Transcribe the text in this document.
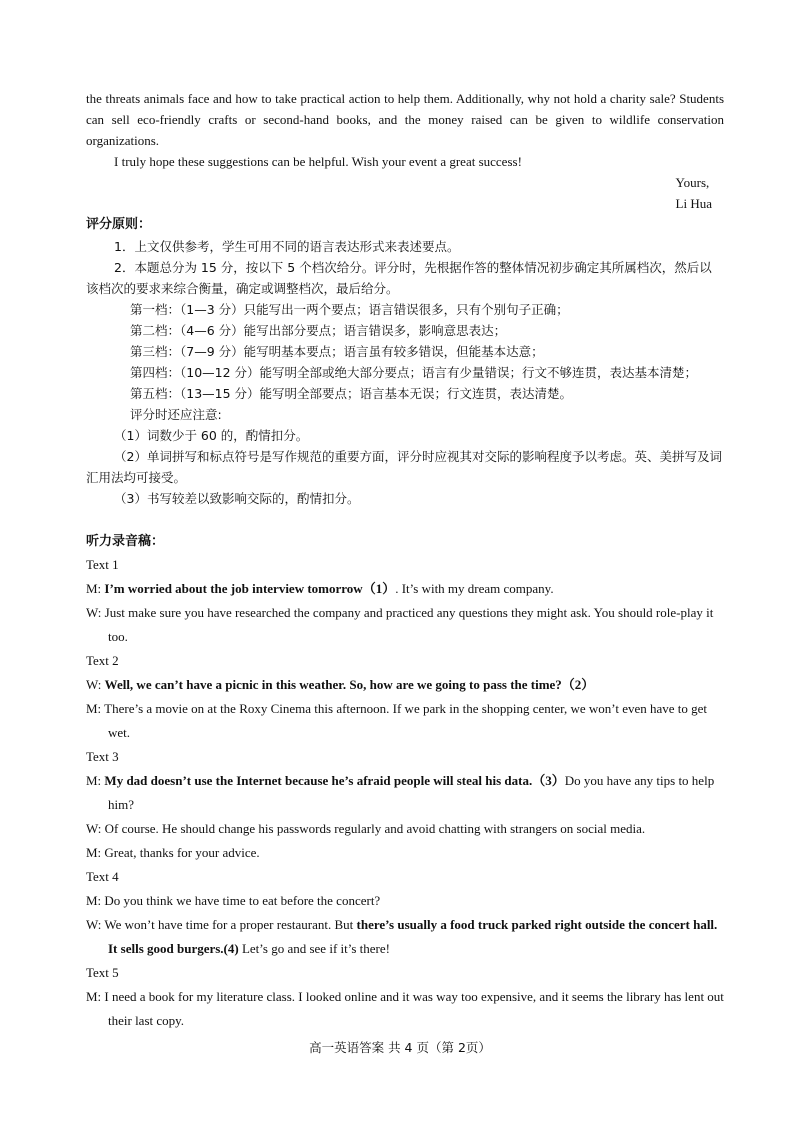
the threats animals face and how to take practical action to help them. Additionally, why not hold a charity sale? Students can sell eco-friendly crafts or second-hand books, and the money raised can be given to wildlife conservation organizations.

I truly hope these suggestions can be helpful. Wish your event a great success!

Yours,

Li Hua

评分原则：

1．上文仅供参考，学生可用不同的语言表达形式来表述要点。

2．本题总分为 15 分，按以下 5 个档次给分。评分时，先根据作答的整体情况初步确定其所属档次，然后以该档次的要求来综合衡量，确定或调整档次，最后给分。

第一档：（1—3 分）只能写出一两个要点；语言错误很多，只有个别句子正确；

第二档：（4—6 分）能写出部分要点；语言错误多，影响意思表达；

第三档：（7—9 分）能写明基本要点；语言虽有较多错误，但能基本达意；

第四档：（10—12 分）能写明全部或绝大部分要点；语言有少量错误；行文不够连贯，表达基本清楚；

第五档：（13—15 分）能写明全部要点；语言基本无误；行文连贯，表达清楚。

评分时还应注意:

（1）词数少于 60 的，酌情扣分。

（2）单词拼写和标点符号是写作规范的重要方面，评分时应视其对交际的影响程度予以考虑。英、美拼写及词汇用法均可接受。

（3）书写较差以致影响交际的，酌情扣分。

听力录音稿：

Text 1

M: I’m worried about the job interview tomorrow（1）. It’s with my dream company.

W: Just make sure you have researched the company and practiced any questions they might ask. You should role-play it too.

Text 2

W: Well, we can’t have a picnic in this weather. So, how are we going to pass the time?（2）

M: There’s a movie on at the Roxy Cinema this afternoon. If we park in the shopping center, we won’t even have to get wet.

Text 3

M: My dad doesn’t use the Internet because he’s afraid people will steal his data.（3）Do you have any tips to help him?

W: Of course. He should change his passwords regularly and avoid chatting with strangers on social media.

M: Great, thanks for your advice.

Text 4

M: Do you think we have time to eat before the concert?

W: We won’t have time for a proper restaurant. But there’s usually a food truck parked right outside the concert hall. It sells good burgers.(4) Let’s go and see if it’s there!

Text 5

M: I need a book for my literature class. I looked online and it was way too expensive, and it seems the library has lent out their last copy.

高一英语答案 共 4 页（第 2页）
